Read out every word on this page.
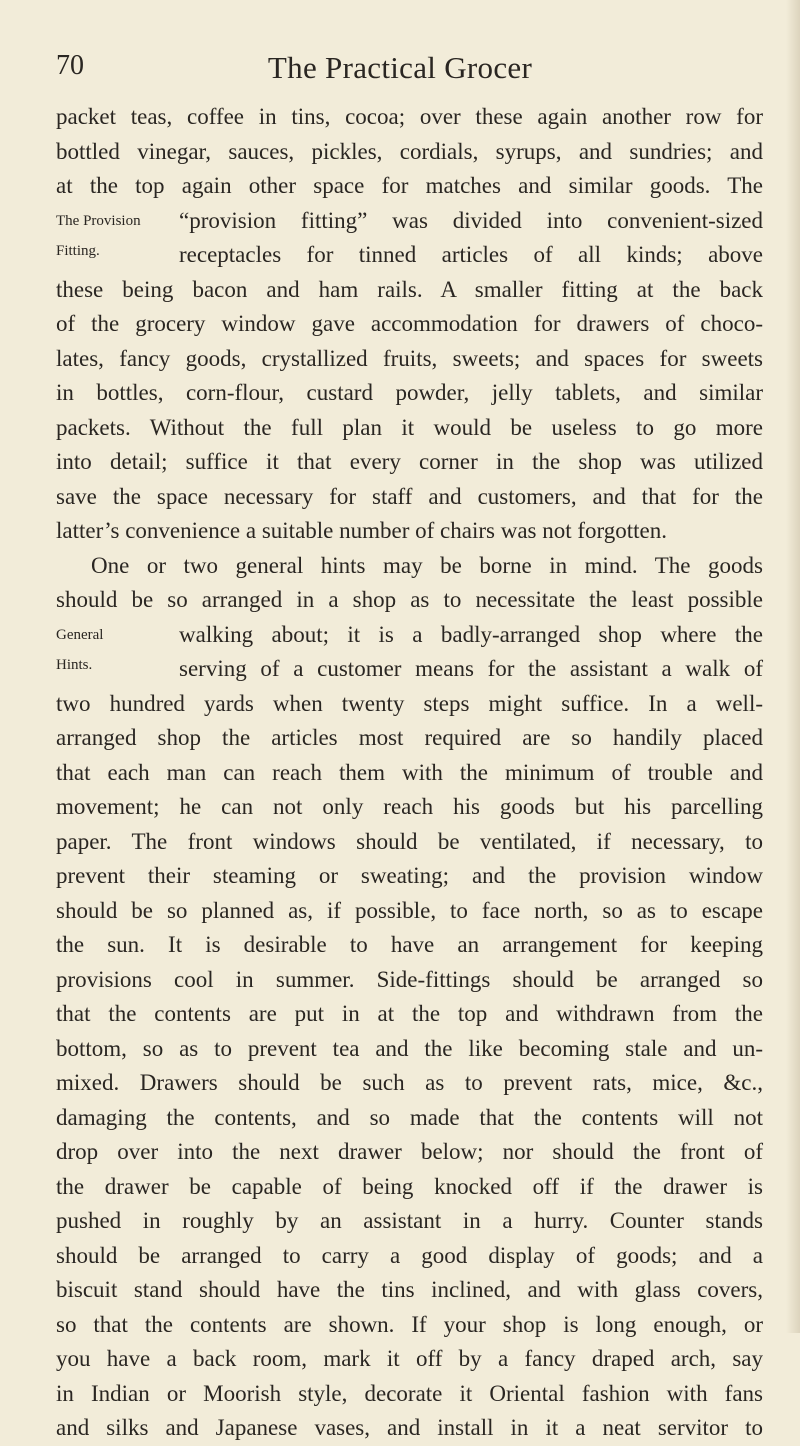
70	The Practical Grocer
packet teas, coffee in tins, cocoa; over these again another row for
bottled vinegar, sauces, pickles, cordials, syrups, and sundries; and
at the top again other space for matches and similar goods. The
The Provision
Fitting.
“provision fitting” was divided into convenient-sized
receptacles for tinned articles of all kinds; above
these being bacon and ham rails. A smaller fitting at the back
of the grocery window gave accommodation for drawers of choco-
lates, fancy goods, crystallized fruits, sweets; and spaces for sweets
in bottles, corn-flour, custard powder, jelly tablets, and similar
packets. Without the full plan it would be useless to go more
into detail; suffice it that every corner in the shop was utilized
save the space necessary for staff and customers, and that for the
latter’s convenience a suitable number of chairs was not forgotten.
One or two general hints may be borne in mind. The goods
should be so arranged in a shop as to necessitate the least possible
General
Hints.
walking about; it is a badly-arranged shop where the
serving of a customer means for the assistant a walk of
two hundred yards when twenty steps might suffice. In a well-
arranged shop the articles most required are so handily placed
that each man can reach them with the minimum of trouble and
movement; he can not only reach his goods but his parcelling
paper. The front windows should be ventilated, if necessary, to
prevent their steaming or sweating; and the provision window
should be so planned as, if possible, to face north, so as to escape
the sun. It is desirable to have an arrangement for keeping
provisions cool in summer. Side-fittings should be arranged so
that the contents are put in at the top and withdrawn from the
bottom, so as to prevent tea and the like becoming stale and un-
mixed. Drawers should be such as to prevent rats, mice, &c.,
damaging the contents, and so made that the contents will not
drop over into the next drawer below; nor should the front of
the drawer be capable of being knocked off if the drawer is
pushed in roughly by an assistant in a hurry. Counter stands
should be arranged to carry a good display of goods; and a
biscuit stand should have the tins inclined, and with glass covers,
so that the contents are shown. If your shop is long enough, or
you have a back room, mark it off by a fancy draped arch, say
in Indian or Moorish style, decorate it Oriental fashion with fans
and silks and Japanese vases, and install in it a neat servitor to
